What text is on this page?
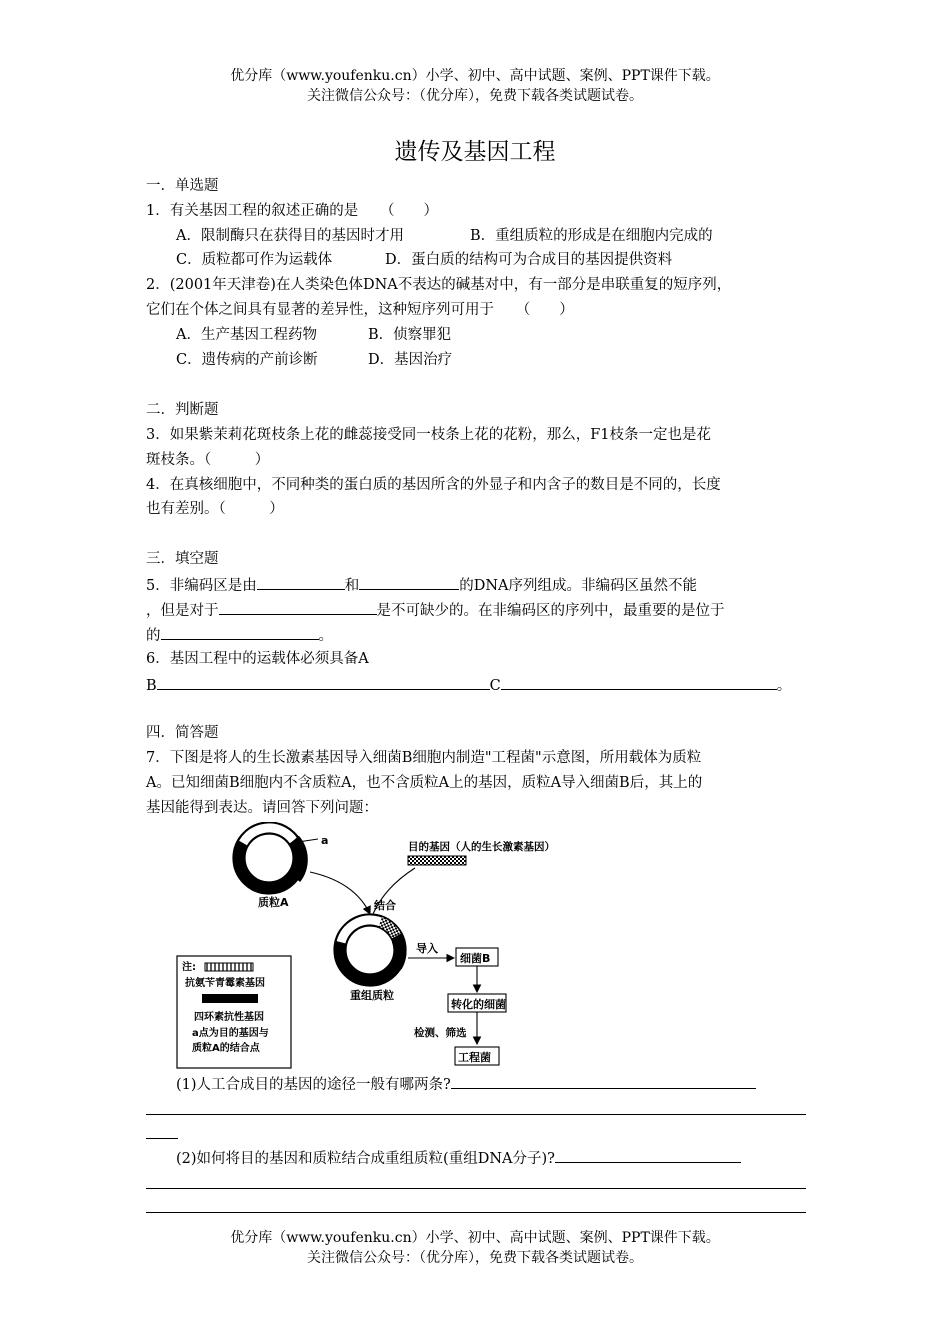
优分库（www.youfenku.cn）小学、初中、高中试题、案例、PPT课件下载。
关注微信公众号：（优分库），免费下载各类试题试卷。
遗传及基因工程
一．单选题
1．有关基因工程的叙述正确的是　　（　　）
A．限制酶只在获得目的基因时才用	B．重组质粒的形成是在细胞内完成的
C．质粒都可作为运载体	D．蛋白质的结构可为合成目的基因提供资料
2．(2001年天津卷)在人类染色体DNA不表达的碱基对中，有一部分是串联重复的短序列，
它们在个体之间具有显著的差异性，这种短序列可用于　　（　　）
A．生产基因工程药物	B．侦察罪犯
C．遗传病的产前诊断	D．基因治疗
二．判断题
3．如果紫茉莉花斑枝条上花的雌蕊接受同一枝条上花的花粉，那么，F1枝条一定也是花
斑枝条。（　　　）
4．在真核细胞中，不同种类的蛋白质的基因所含的外显子和内含子的数目是不同的，长度
也有差别。（　　　）
三．填空题
5．非编码区是由	和	的DNA序列组成。非编码区虽然不能
，但是对于	是不可缺少的。在非编码区的序列中，最重要的是位于
的	。
6．基因工程中的运载体必须具备A
B	C	。
四．简答题
7．下图是将人的生长激素基因导入细菌B细胞内制造"工程菌"示意图，所用载体为质粒
A。已知细菌B细胞内不含质粒A，也不含质粒A上的基因，质粒A导入细菌B后，其上的
基因能得到表达。请回答下列问题：
a
质粒A
目的基因（人的生长激素基因）
结合
重组质粒
导入
细菌B
转化的细菌
检测、筛选
工程菌
注:
抗氨苄青霉素基因
四环素抗性基因
a点为目的基因与
质粒A的结合点
(1)人工合成目的基因的途径一般有哪两条?
(2)如何将目的基因和质粒结合成重组质粒(重组DNA分子)?
优分库（www.youfenku.cn）小学、初中、高中试题、案例、PPT课件下载。
关注微信公众号：（优分库），免费下载各类试题试卷。
